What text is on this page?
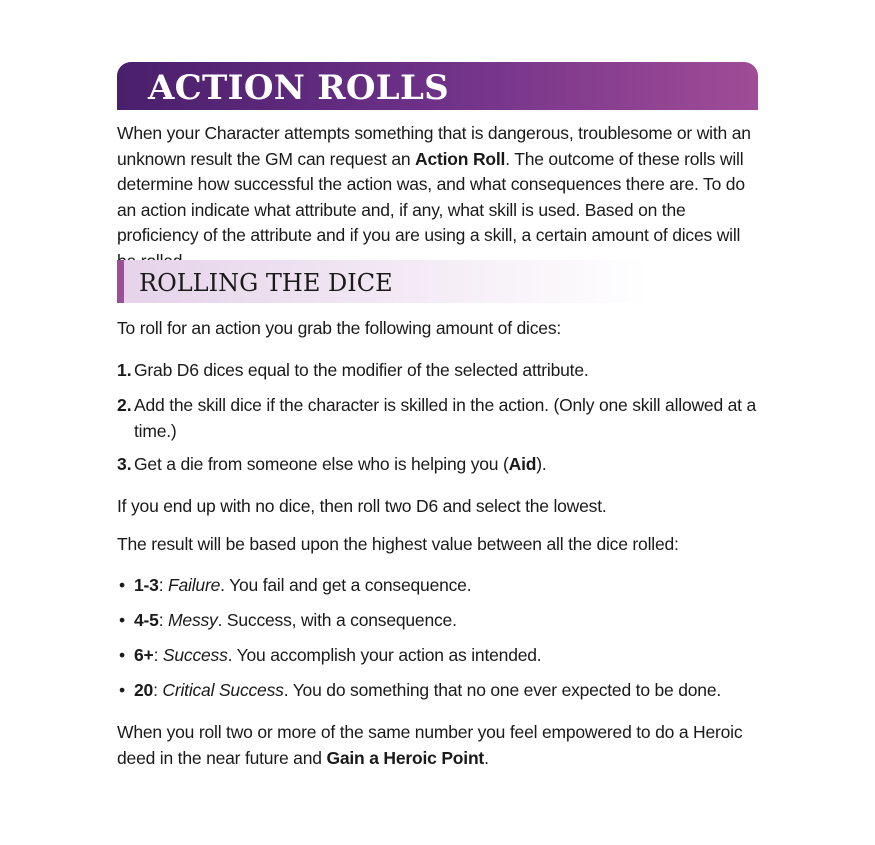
ACTION ROLLS

When your Character attempts something that is dangerous, troublesome or with an unknown result the GM can request an Action Roll. The outcome of these rolls will determine how successful the action was, and what consequences there are. To do an action indicate what attribute and, if any, what skill is used. Based on the proficiency of the attribute and if you are using a skill, a certain amount of dices will

ROLLING THE DICE

To roll for an action you grab the following amount of dices:

1. Grab D6 dices equal to the modifier of the selected attribute.
2. Add the skill dice if the character is skilled in the action. (Only one skill allowed at a time.)
3. Get a die from someone else who is helping you (Aid).

If you end up with no dice, then roll two D6 and select the lowest.

The result will be based upon the highest value between all the dice rolled:

• 1-3: Failure. You fail and get a consequence.
• 4-5: Messy. Success, with a consequence.
• 6+: Success. You accomplish your action as intended.
• 20: Critical Success. You do something that no one ever expected to be done.

When you roll two or more of the same number you feel empowered to do a Heroic deed in the near future and Gain a Heroic Point.
